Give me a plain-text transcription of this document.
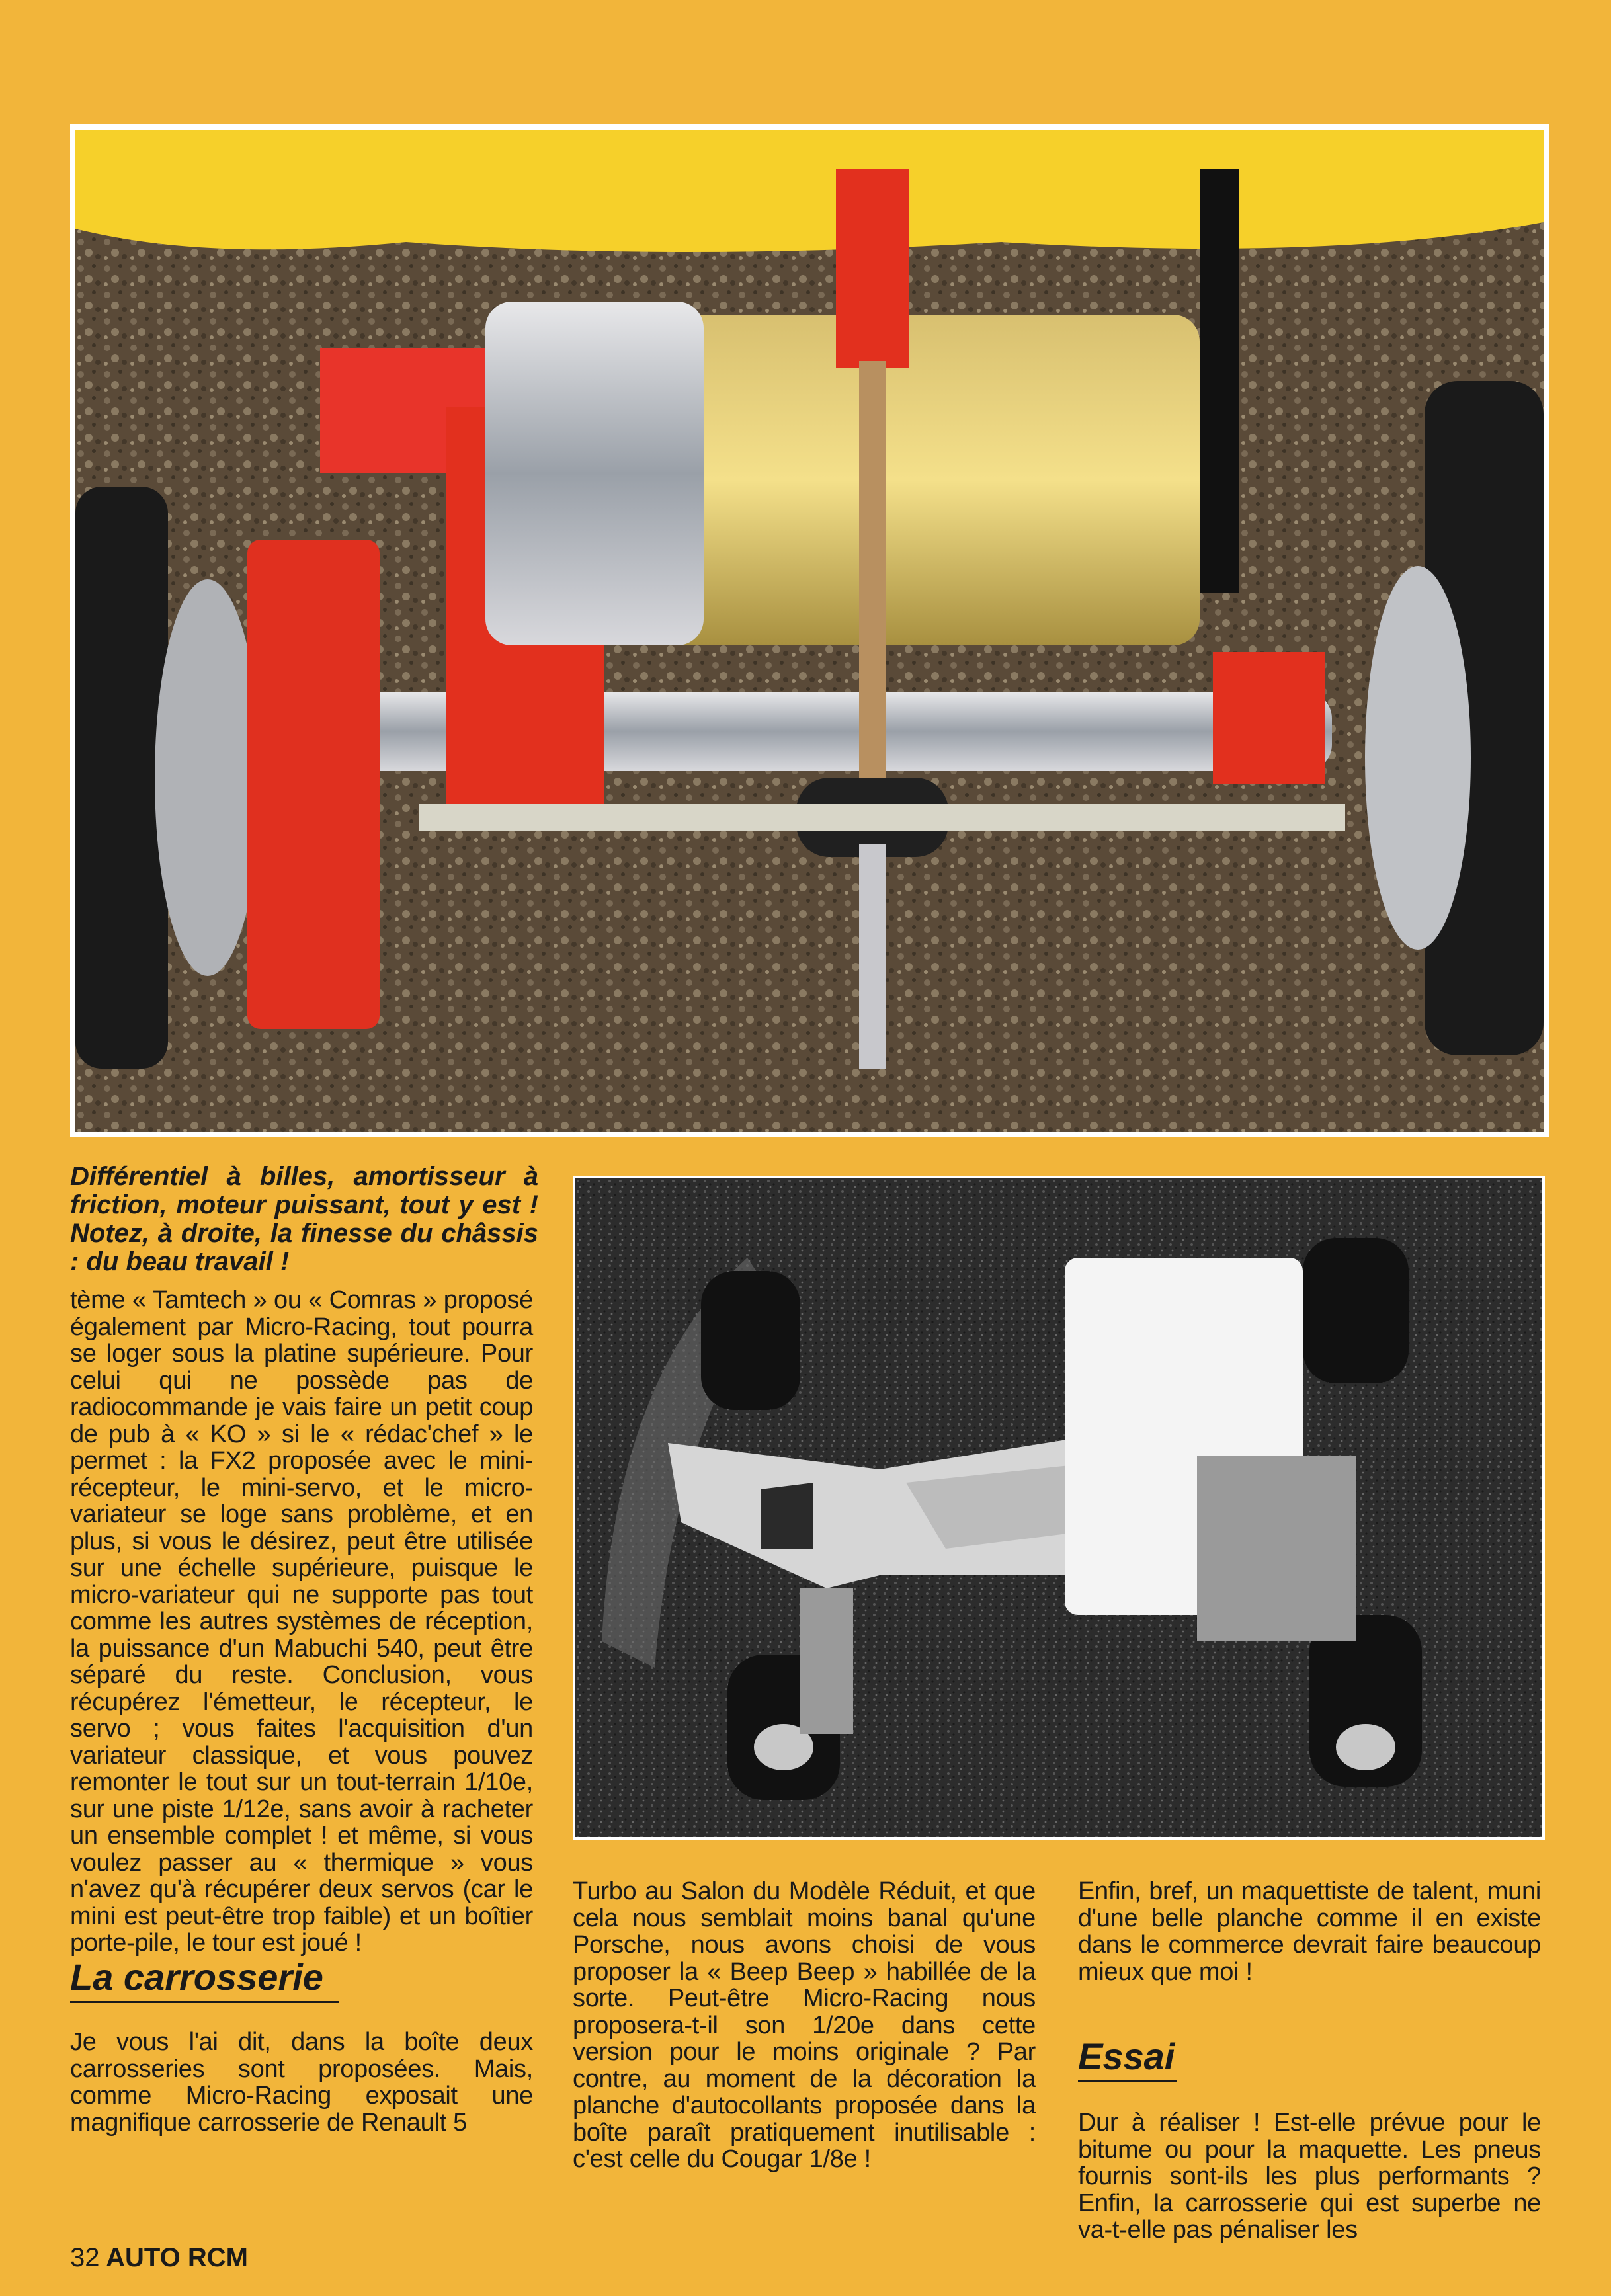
Différentiel à billes, amortisseur à friction, moteur puissant, tout y est ! Notez, à droite, la finesse du châssis : du beau travail !
tème « Tamtech » ou « Comras » proposé également par Micro-Racing, tout pourra se loger sous la platine supérieure. Pour celui qui ne possède pas de radiocommande je vais faire un petit coup de pub à « KO » si le « rédac'chef » le permet : la FX2 proposée avec le mini-récepteur, le mini-servo, et le micro-variateur se loge sans problème, et en plus, si vous le désirez, peut être utilisée sur une échelle supérieure, puisque le micro-variateur qui ne supporte pas tout comme les autres systèmes de réception, la puissance d'un Mabuchi 540, peut être séparé du reste. Conclusion, vous récupérez l'émetteur, le récepteur, le servo ; vous faites l'acquisition d'un variateur classique, et vous pouvez remonter le tout sur un tout-terrain 1/10e, sur une piste 1/12e, sans avoir à racheter un ensemble complet ! et même, si vous voulez passer au « thermique » vous n'avez qu'à récupérer deux servos (car le mini est peut-être trop faible) et un boîtier porte-pile, le tour est joué !
La carrosserie
Je vous l'ai dit, dans la boîte deux carrosseries sont proposées. Mais, comme Micro-Racing exposait une magnifique carrosserie de Renault 5
Turbo au Salon du Modèle Réduit, et que cela nous semblait moins banal qu'une Porsche, nous avons choisi de vous proposer la « Beep Beep » habillée de la sorte. Peut-être Micro-Racing nous proposera-t-il son 1/20e dans cette version pour le moins originale ? Par contre, au moment de la décoration la planche d'autocollants proposée dans la boîte paraît pratiquement inutilisable : c'est celle du Cougar 1/8e !
Enfin, bref, un maquettiste de talent, muni d'une belle planche comme il en existe dans le commerce devrait faire beaucoup mieux que moi !
Essai
Dur à réaliser ! Est-elle prévue pour le bitume ou pour la maquette. Les pneus fournis sont-ils les plus performants ? Enfin, la carrosserie qui est superbe ne va-t-elle pas pénaliser les
32 AUTO RCM
